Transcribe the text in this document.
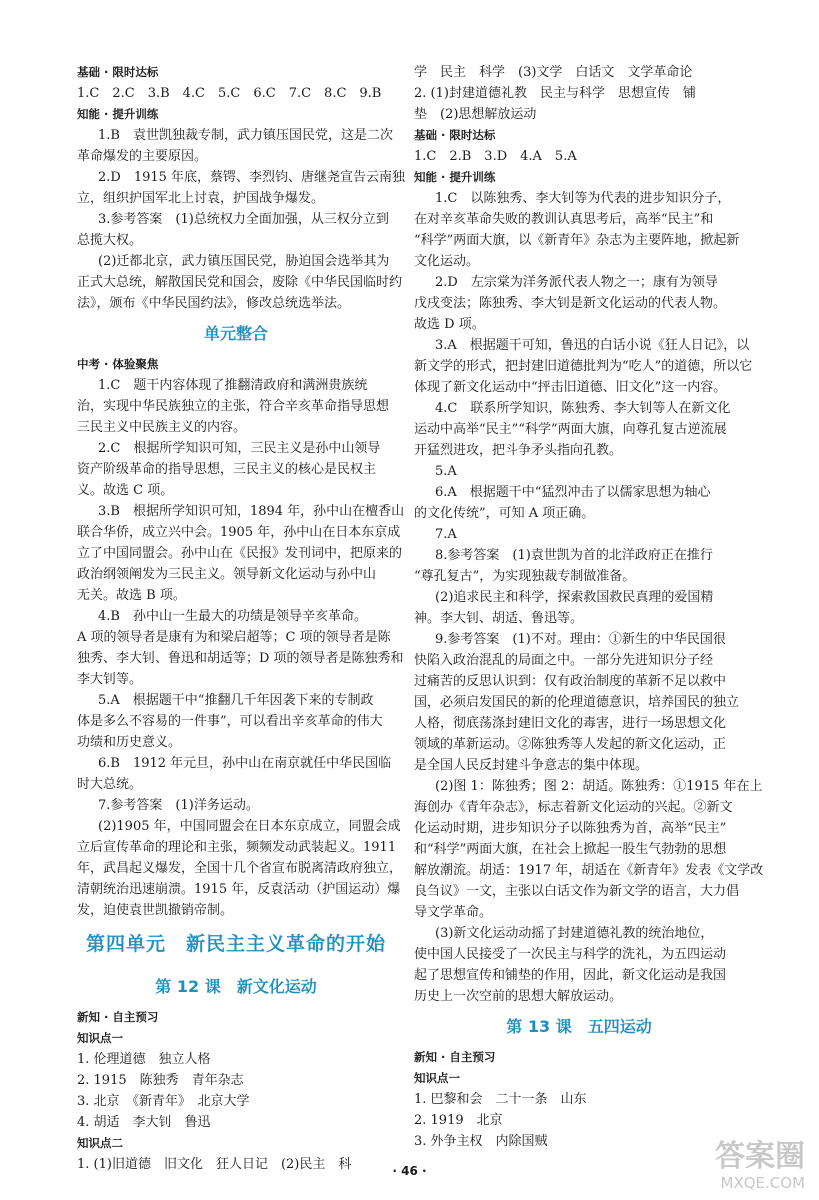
基础 · 限时达标
1.C　2.C　3.B　4.C　5.C　6.C　7.C　8.C　9.B
知能 · 提升训练
1.B　袁世凯独裁专制，武力镇压国民党，这是二次
革命爆发的主要原因。
2.D　1915 年底，蔡锷、李烈钧、唐继尧宣告云南独
立，组织护国军北上讨袁，护国战争爆发。
3.参考答案　(1)总统权力全面加强，从三权分立到
总揽大权。
(2)迁都北京，武力镇压国民党，胁迫国会选举其为
正式大总统，解散国民党和国会，废除《中华民国临时约
法》，颁布《中华民国约法》，修改总统选举法。
单元整合
中考 · 体验聚焦
1.C　题干内容体现了推翻清政府和满洲贵族统
治，实现中华民族独立的主张，符合辛亥革命指导思想
三民主义中民族主义的内容。
2.C　根据所学知识可知，三民主义是孙中山领导
资产阶级革命的指导思想，三民主义的核心是民权主
义。故选 C 项。
3.B　根据所学知识可知，1894 年，孙中山在檀香山
联合华侨，成立兴中会。1905 年，孙中山在日本东京成
立了中国同盟会。孙中山在《民报》发刊词中，把原来的
政治纲领阐发为三民主义。领导新文化运动与孙中山
无关。故选 B 项。
4.B　孙中山一生最大的功绩是领导辛亥革命。
A 项的领导者是康有为和梁启超等；C 项的领导者是陈
独秀、李大钊、鲁迅和胡适等；D 项的领导者是陈独秀和
李大钊等。
5.A　根据题干中“推翻几千年因袭下来的专制政
体是多么不容易的一件事”，可以看出辛亥革命的伟大
功绩和历史意义。
6.B　1912 年元旦，孙中山在南京就任中华民国临
时大总统。
7.参考答案　(1)洋务运动。
(2)1905 年，中国同盟会在日本东京成立，同盟会成
立后宣传革命的理论和主张，频频发动武装起义。1911
年，武昌起义爆发，全国十几个省宣布脱离清政府独立，
清朝统治迅速崩溃。1915 年，反袁活动（护国运动）爆
发，迫使袁世凯撤销帝制。
第四单元　新民主主义革命的开始
第 12 课　新文化运动
新知 · 自主预习
知识点一
1. 伦理道德　独立人格
2. 1915　陈独秀　青年杂志
3. 北京　《新青年》　北京大学
4. 胡适　李大钊　鲁迅
知识点二
1. (1)旧道德　旧文化　狂人日记　(2)民主　科
学　民主　科学　(3)文学　白话文　文学革命论
2. (1)封建道德礼教　民主与科学　思想宣传　铺
垫　(2)思想解放运动
基础 · 限时达标
1.C　2.B　3.D　4.A　5.A
知能 · 提升训练
1.C　以陈独秀、李大钊等为代表的进步知识分子，
在对辛亥革命失败的教训认真思考后，高举“民主”和
“科学”两面大旗，以《新青年》杂志为主要阵地，掀起新
文化运动。
2.D　左宗棠为洋务派代表人物之一；康有为领导
戊戌变法；陈独秀、李大钊是新文化运动的代表人物。
故选 D 项。
3.A　根据题干可知，鲁迅的白话小说《狂人日记》，以
新文学的形式，把封建旧道德批判为“吃人”的道德，所以它
体现了新文化运动中“抨击旧道德、旧文化”这一内容。
4.C　联系所学知识，陈独秀、李大钊等人在新文化
运动中高举“民主”“科学”两面大旗，向尊孔复古逆流展
开猛烈进攻，把斗争矛头指向孔教。
5.A
6.A　根据题干中“猛烈冲击了以儒家思想为轴心
的文化传统”，可知 A 项正确。
7.A
8.参考答案　(1)袁世凯为首的北洋政府正在推行
“尊孔复古”，为实现独裁专制做准备。
(2)追求民主和科学，探索救国救民真理的爱国精
神。李大钊、胡适、鲁迅等。
9.参考答案　(1)不对。理由：①新生的中华民国很
快陷入政治混乱的局面之中。一部分先进知识分子经
过痛苦的反思认识到：仅有政治制度的革新不足以救中
国，必须启发国民的新的伦理道德意识，培养国民的独立
人格，彻底荡涤封建旧文化的毒害，进行一场思想文化
领域的革新运动。②陈独秀等人发起的新文化运动，正
是全国人民反封建斗争意志的集中体现。
(2)图 1：陈独秀；图 2：胡适。陈独秀：①1915 年在上
海创办《青年杂志》，标志着新文化运动的兴起。②新文
化运动时期，进步知识分子以陈独秀为首，高举“民主”
和“科学”两面大旗，在社会上掀起一股生气勃勃的思想
解放潮流。胡适：1917 年，胡适在《新青年》发表《文学改
良刍议》一文，主张以白话文作为新文学的语言，大力倡
导文学革命。
(3)新文化运动动摇了封建道德礼教的统治地位，
使中国人民接受了一次民主与科学的洗礼，为五四运动
起了思想宣传和铺垫的作用，因此，新文化运动是我国
历史上一次空前的思想大解放运动。
第 13 课　五四运动
新知 · 自主预习
知识点一
1. 巴黎和会　二十一条　山东
2. 1919　北京
3. 外争主权　内除国贼
· 46 ·	答案圈
MXQE.COM
